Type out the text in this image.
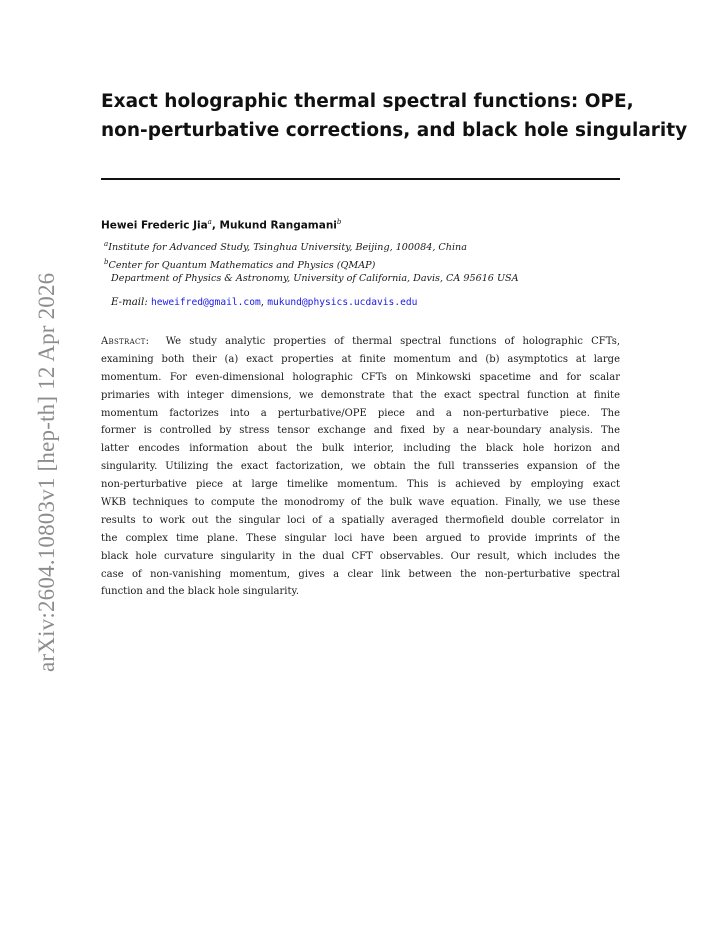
arXiv:2604.10803v1 [hep-th] 12 Apr 2026

Exact holographic thermal spectral functions: OPE,
non-perturbative corrections, and black hole singularity

Hewei Frederic Jia$^a$, Mukund Rangamani$^b$

$^a$Institute for Advanced Study, Tsinghua University, Beijing, 100084, China

$^b$Center for Quantum Mathematics and Physics (QMAP)

Department of Physics & Astronomy, University of California, Davis, CA 95616 USA

E-mail: heweifred@gmail.com, mukund@physics.ucdavis.edu

Abstract: We study analytic properties of thermal spectral functions of holographic CFTs,
examining both their (a) exact properties at finite momentum and (b) asymptotics at large
momentum. For even-dimensional holographic CFTs on Minkowski spacetime and for scalar
primaries with integer dimensions, we demonstrate that the exact spectral function at finite
momentum factorizes into a perturbative/OPE piece and a non-perturbative piece. The
former is controlled by stress tensor exchange and fixed by a near-boundary analysis. The
latter encodes information about the bulk interior, including the black hole horizon and
singularity. Utilizing the exact factorization, we obtain the full transseries expansion of the
non-perturbative piece at large timelike momentum. This is achieved by employing exact
WKB techniques to compute the monodromy of the bulk wave equation. Finally, we use these
results to work out the singular loci of a spatially averaged thermofield double correlator in
the complex time plane. These singular loci have been argued to provide imprints of the
black hole curvature singularity in the dual CFT observables. Our result, which includes the
case of non-vanishing momentum, gives a clear link between the non-perturbative spectral
function and the black hole singularity.
